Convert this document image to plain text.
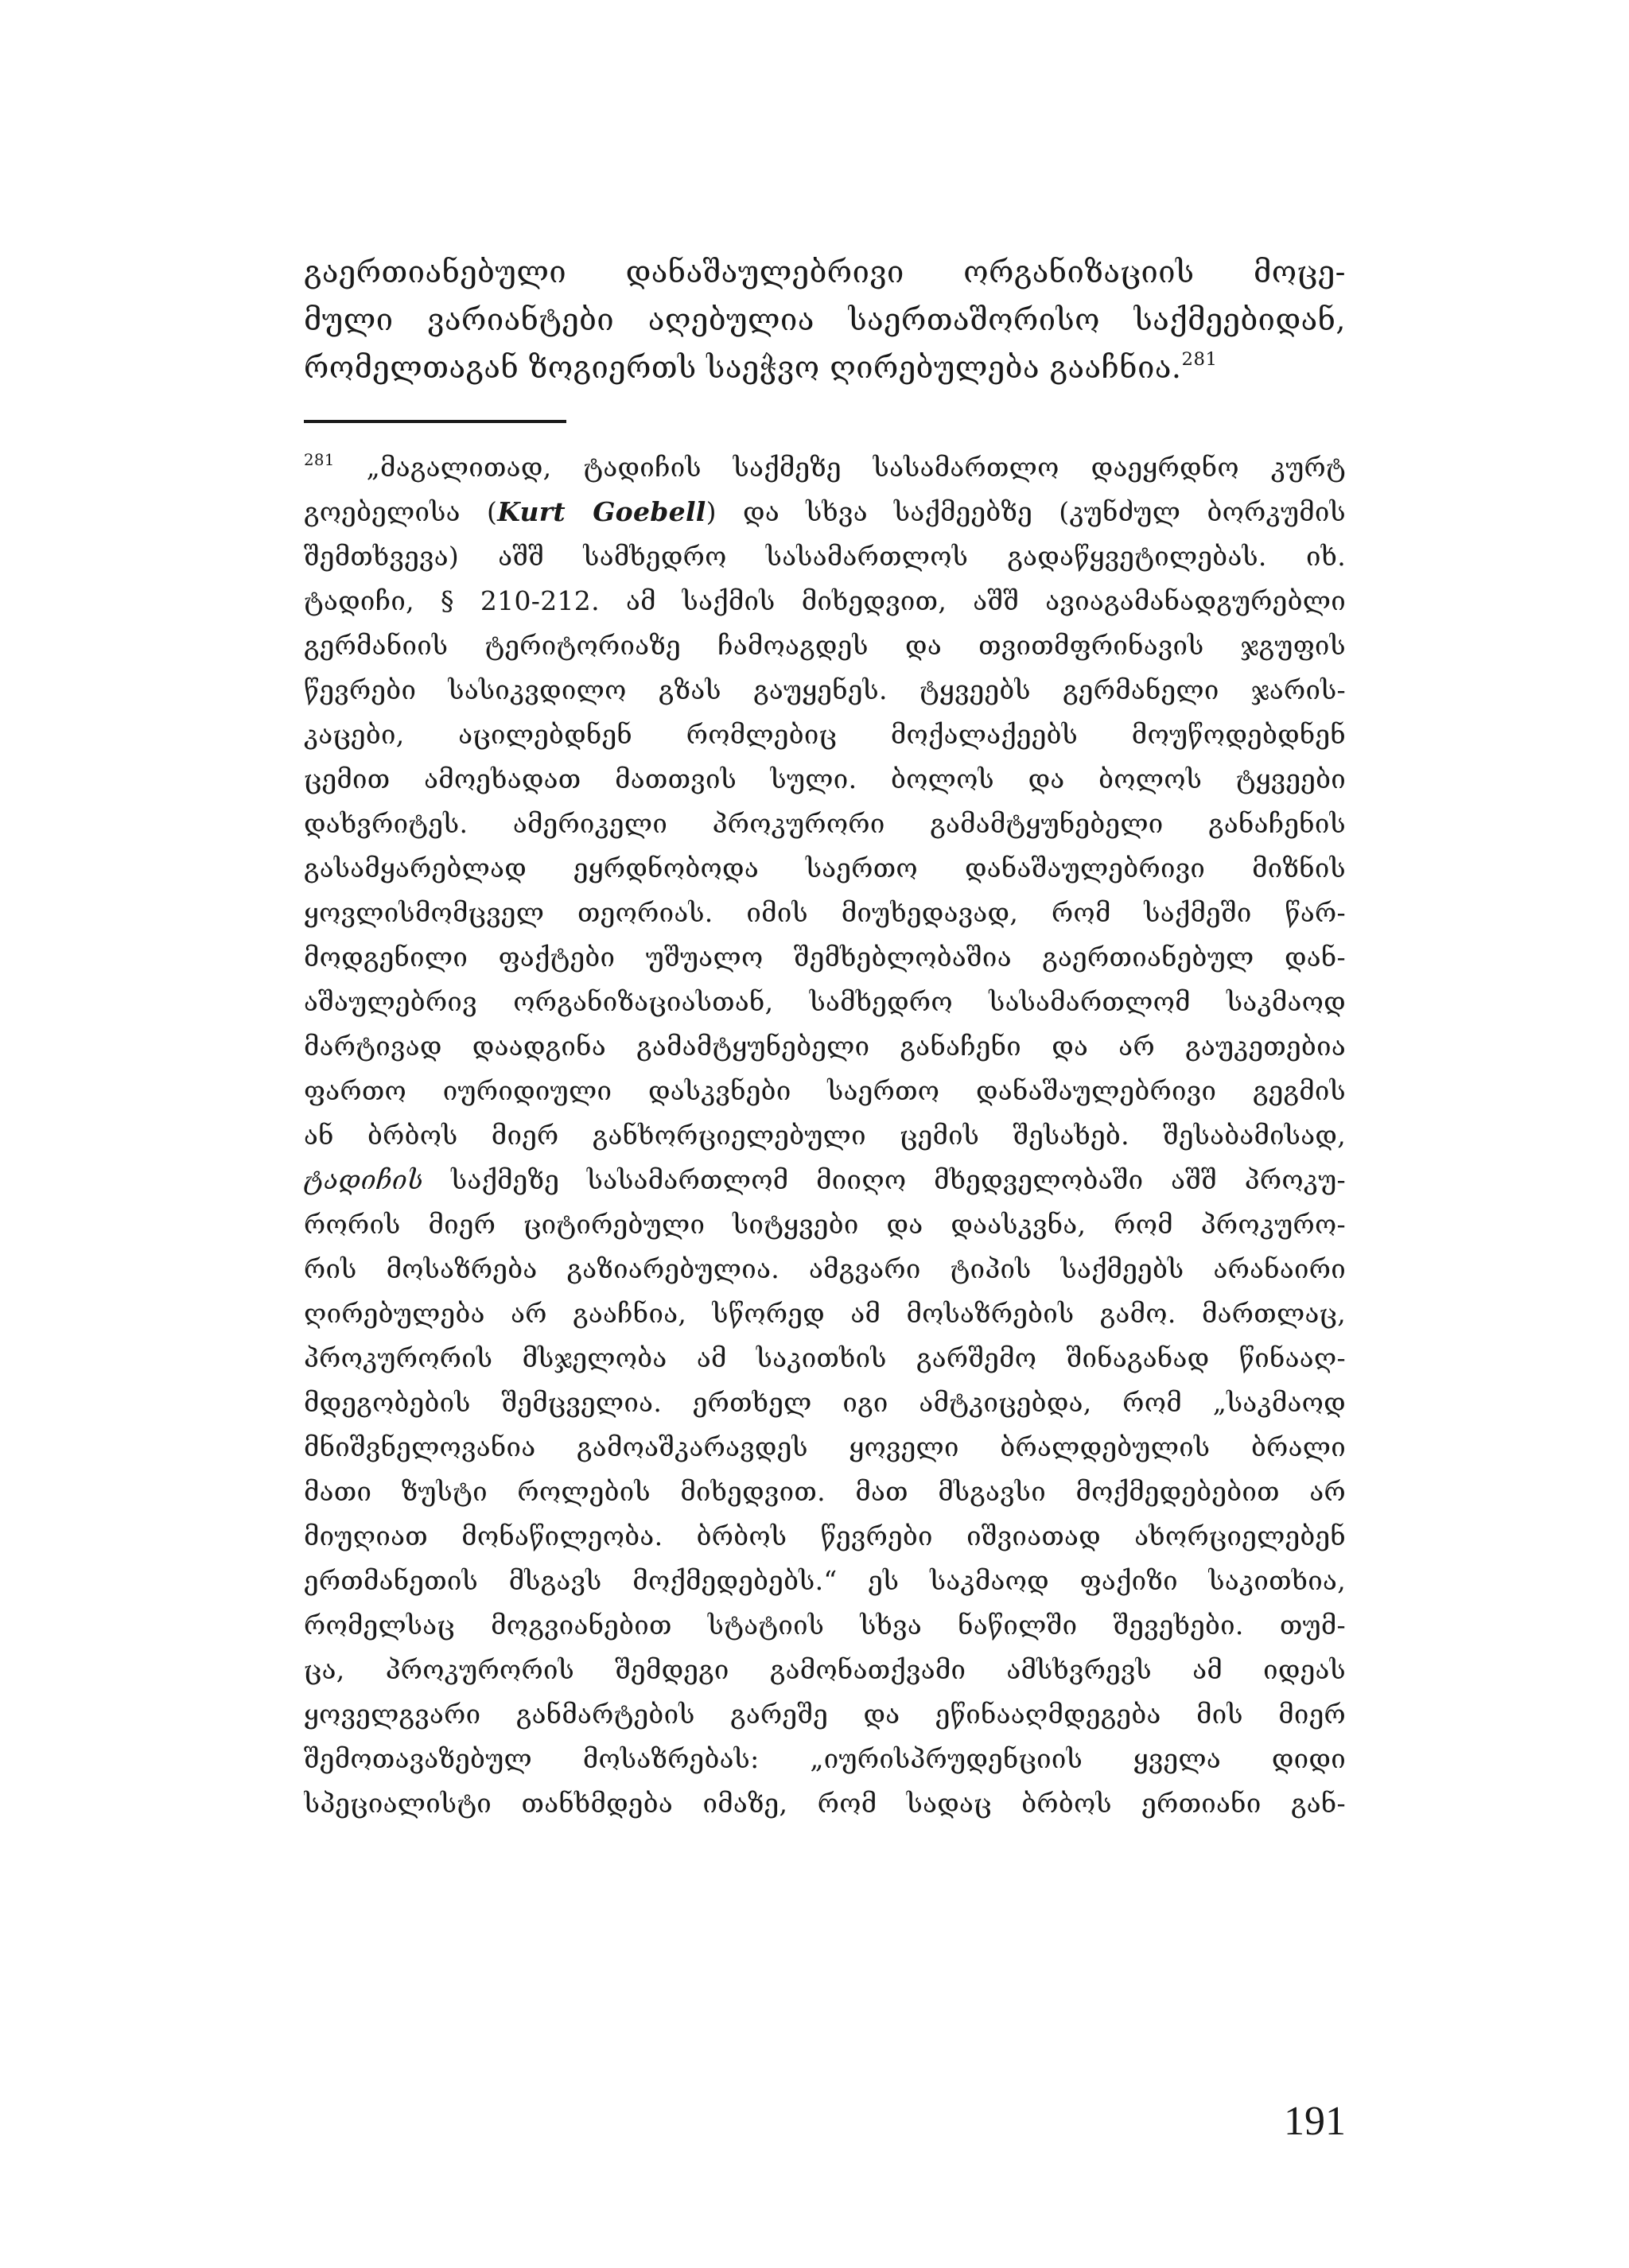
გაერთიანებული დანაშაულებრივი ორგანიზაციის მოცე-
მული ვარიანტები აღებულია საერთაშორისო საქმეებიდან,
რომელთაგან ზოგიერთს საეჭვო ღირებულება გააჩნია.$^{281}$
$^{281}$ „მაგალითად, ტადიჩის საქმეზე სასამართლო დაეყრდნო კურტ
გოებელისა (Kurt Goebell) და სხვა საქმეებზე (კუნძულ ბორკუმის
შემთხვევა) აშშ სამხედრო სასამართლოს გადაწყვეტილებას. იხ.
ტადიჩი, § 210-212. ამ საქმის მიხედვით, აშშ ავიაგამანადგურებლი
გერმანიის ტერიტორიაზე ჩამოაგდეს და თვითმფრინავის ჯგუფის
წევრები სასიკვდილო გზას გაუყენეს. ტყვეებს გერმანელი ჯარის-
კაცები, აცილებდნენ რომლებიც მოქალაქეებს მოუწოდებდნენ
ცემით ამოეხადათ მათთვის სული. ბოლოს და ბოლოს ტყვეები
დახვრიტეს. ამერიკელი პროკურორი გამამტყუნებელი განაჩენის
გასამყარებლად ეყრდნობოდა საერთო დანაშაულებრივი მიზნის
ყოვლისმომცველ თეორიას. იმის მიუხედავად, რომ საქმეში წარ-
მოდგენილი ფაქტები უშუალო შემხებლობაშია გაერთიანებულ დან-
აშაულებრივ ორგანიზაციასთან, სამხედრო სასამართლომ საკმაოდ
მარტივად დაადგინა გამამტყუნებელი განაჩენი და არ გაუკეთებია
ფართო იურიდიული დასკვნები საერთო დანაშაულებრივი გეგმის
ან ბრბოს მიერ განხორციელებული ცემის შესახებ. შესაბამისად,
ტადიჩის საქმეზე სასამართლომ მიიღო მხედველობაში აშშ პროკუ-
რორის მიერ ციტირებული სიტყვები და დაასკვნა, რომ პროკურო-
რის მოსაზრება გაზიარებულია. ამგვარი ტიპის საქმეებს არანაირი
ღირებულება არ გააჩნია, სწორედ ამ მოსაზრების გამო. მართლაც,
პროკურორის მსჯელობა ამ საკითხის გარშემო შინაგანად წინააღ-
მდეგობების შემცველია. ერთხელ იგი ამტკიცებდა, რომ „საკმაოდ
მნიშვნელოვანია გამოაშკარავდეს ყოველი ბრალდებულის ბრალი
მათი ზუსტი როლების მიხედვით. მათ მსგავსი მოქმედებებით არ
მიუღიათ მონაწილეობა. ბრბოს წევრები იშვიათად ახორციელებენ
ერთმანეთის მსგავს მოქმედებებს.“ ეს საკმაოდ ფაქიზი საკითხია,
რომელსაც მოგვიანებით სტატიის სხვა ნაწილში შევეხები. თუმ-
ცა, პროკურორის შემდეგი გამონათქვამი ამსხვრევს ამ იდეას
ყოველგვარი განმარტების გარეშე და ეწინააღმდეგება მის მიერ
შემოთავაზებულ მოსაზრებას: „იურისპრუდენციის ყველა დიდი
სპეციალისტი თანხმდება იმაზე, რომ სადაც ბრბოს ერთიანი გან-
191
